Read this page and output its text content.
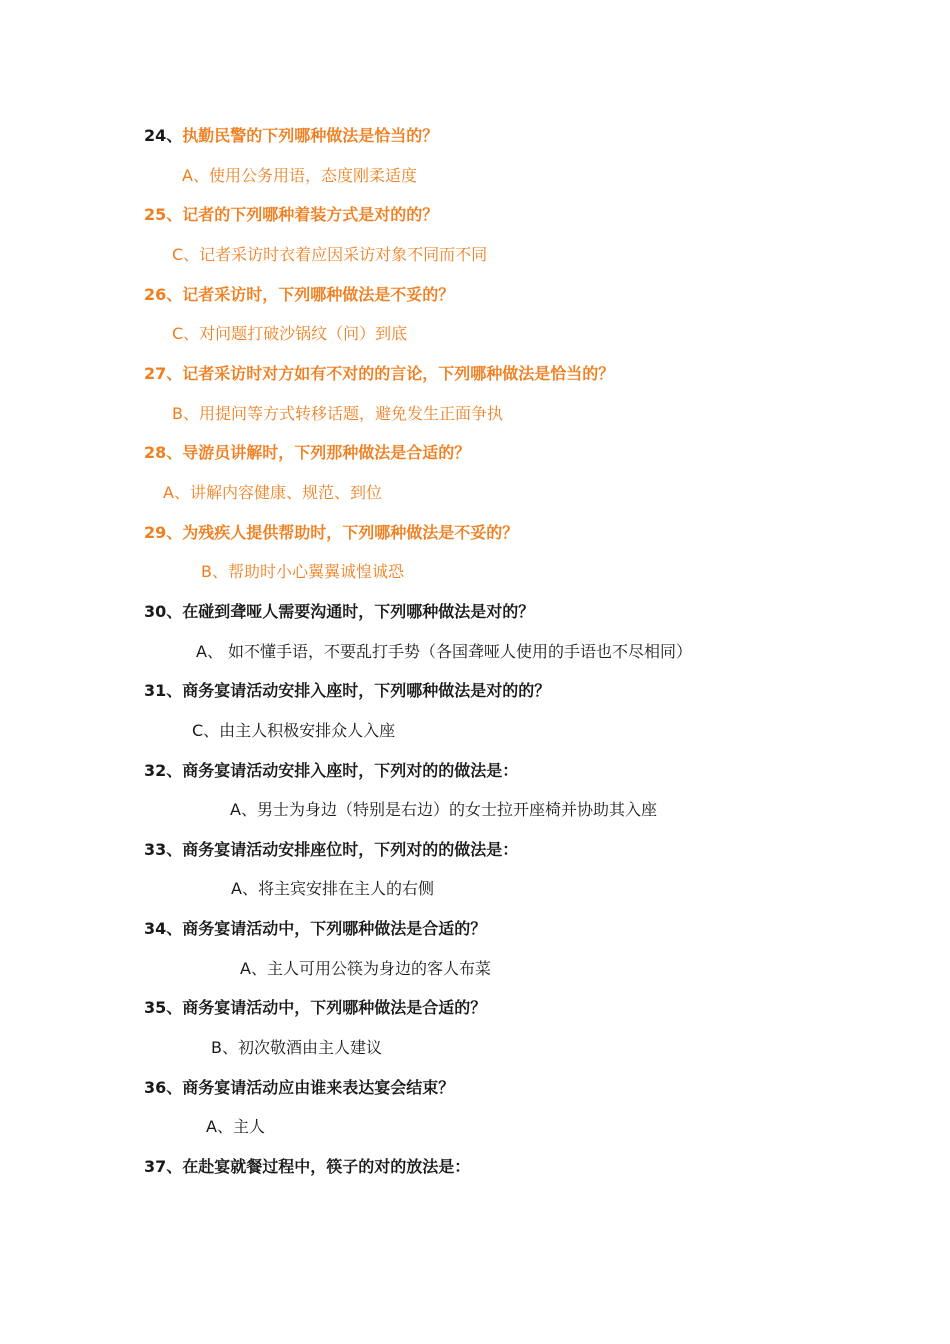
24、执勤民警的下列哪种做法是恰当的？
A、使用公务用语，态度刚柔适度
25、记者的下列哪种着装方式是对的的？
C、记者采访时衣着应因采访对象不同而不同
26、记者采访时，下列哪种做法是不妥的？
C、对问题打破沙锅纹（问）到底
27、记者采访时对方如有不对的的言论，下列哪种做法是恰当的？
B、用提问等方式转移话题，避免发生正面争执
28、导游员讲解时，下列那种做法是合适的？
A、讲解内容健康、规范、到位
29、为残疾人提供帮助时，下列哪种做法是不妥的？
B、帮助时小心翼翼诚惶诚恐
30、在碰到聋哑人需要沟通时，下列哪种做法是对的？
A、 如不懂手语，不要乱打手势（各国聋哑人使用的手语也不尽相同）
31、商务宴请活动安排入座时，下列哪种做法是对的的？
C、由主人积极安排众人入座
32、商务宴请活动安排入座时，下列对的的做法是：
A、男士为身边（特别是右边）的女士拉开座椅并协助其入座
33、商务宴请活动安排座位时，下列对的的做法是：
A、将主宾安排在主人的右侧
34、商务宴请活动中，下列哪种做法是合适的？
A、主人可用公筷为身边的客人布菜
35、商务宴请活动中，下列哪种做法是合适的？
B、初次敬酒由主人建议
36、商务宴请活动应由谁来表达宴会结束？
A、主人
37、在赴宴就餐过程中，筷子的对的放法是：
